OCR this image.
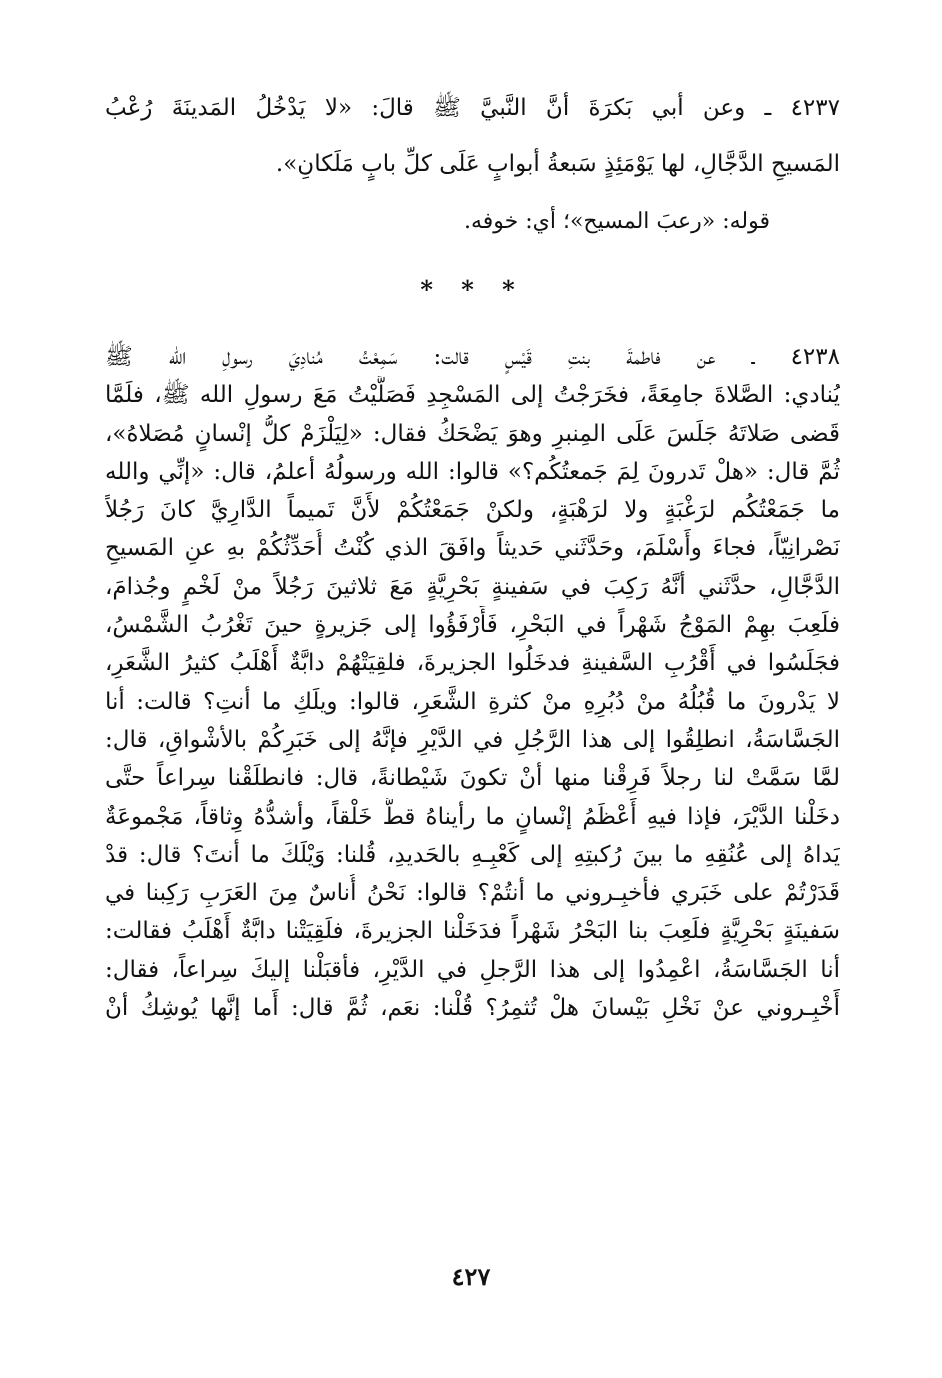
٤٢٣٧ ـ وعن أبي بَكرَةَ أنَّ النَّبيَّ ﷺ قالَ: «لا يَدْخُلُ المَدينَةَ رُعْبُ
المَسيحِ الدَّجَّالِ، لها يَوْمَئِذٍ سَبعةُ أبوابٍ عَلَى كلِّ بابٍ مَلَكانِ».
قوله: «رعبَ المسيح»؛ أي: خوفه.
* * *
٤٢٣٨ ـ عن فاطمةَ بنتِ قَيْسٍ قالت: سَمِعْتُ مُنادِيَ رسولِ الله ﷺ
يُنادي: الصَّلاةَ جامِعَةً، فخَرَجْتُ إلى المَسْجِدِ فَصَلَّيْتُ مَعَ رسولِ الله ﷺ، فلَمَّا
قَضى صَلاتَهُ جَلَسَ عَلَى المِنبرِ وهوَ يَضْحَكُ فقال: «لِيَلْزَمْ كلُّ إنْسانٍ مُصَلاهُ»،
ثُمَّ قال: «هلْ تَدرونَ لِمَ جَمعتُكُم؟» قالوا: الله ورسولُهُ أعلمُ، قال: «إنِّي والله
ما جَمَعْتُكُم لرَغْبَةٍ ولا لرَهْبَةٍ، ولكنْ جَمَعْتُكُمْ لأَنَّ تَميماً الدَّارِيَّ كانَ رَجُلاً
نَصْرانِيّاً، فجاءَ وأَسْلَمَ، وحَدَّثَني حَديثاً وافَقَ الذي كُنْتُ أُحَدِّثُكُمْ بهِ عنِ المَسيحِ
الدَّجَّالِ، حدَّثَني أنَّهُ رَكِبَ في سَفينةٍ بَحْرِيَّةٍ مَعَ ثلاثينَ رَجُلاً منْ لَخْمٍ وجُذامَ،
فلَعِبَ بهِمْ المَوْجُ شَهْراً في البَحْرِ، فَأَرْفَؤُوا إلى جَزيرةٍ حينَ تَغْرُبُ الشَّمْسُ،
فجَلَسُوا في أَقْرُبِ السَّفينةِ فدخَلُوا الجزيرةَ، فلقِيَتْهُمْ دابَّةٌ أَهْلَبُ كثيرُ الشَّعَرِ،
لا يَدْرونَ ما قُبُلُهُ منْ دُبُرِهِ منْ كثرةِ الشَّعَرِ، قالوا: ويلَكِ ما أنتِ؟ قالت: أنا
الجَسَّاسَةُ، انطلِقُوا إلى هذا الرَّجُلِ في الدَّيْرِ فإنَّهُ إلى خَبَرِكُمْ بالأشْواقِ، قال:
لمَّا سَمَّتْ لنا رجلاً فَرِقْنا منها أنْ تكونَ شَيْطانةً، قال: فانطلَقْنا سِراعاً حتَّى
دخَلْنا الدَّيْرَ، فإذا فيهِ أَعْظَمُ إنْسانٍ ما رأيناهُ قطُّ خَلْقاً، وأشدُّهُ وِثاقاً، مَجْموعَةٌ
يَداهُ إلى عُنُقِهِ ما بينَ رُكبتِهِ إلى كَعْبِـهِ بالحَديدِ، قُلنا: وَيْلَكَ ما أنتَ؟ قال: قدْ
قَدَرْتُمْ على خَبَري فأخبِـروني ما أنتُمْ؟ قالوا: نَحْنُ أُناسٌ مِنَ العَرَبِ رَكِبنا في
سَفينَةٍ بَحْرِيَّةٍ فلَعِبَ بنا البَحْرُ شَهْراً فدَخَلْنا الجزيرةَ، فلَقِيَتْنا دابَّةٌ أَهْلَبُ فقالت:
أنا الجَسَّاسَةُ، اعْمِدُوا إلى هذا الرَّجلِ في الدَّيْرِ، فأقبَلْنا إليكَ سِراعاً، فقال:
أَخْبِـروني عنْ نَخْلِ بَيْسانَ هلْ تُثمِرُ؟ قُلْنا: نعَم، ثُمَّ قال: أَما إنَّها يُوشِكُ أنْ
٤٢٧
